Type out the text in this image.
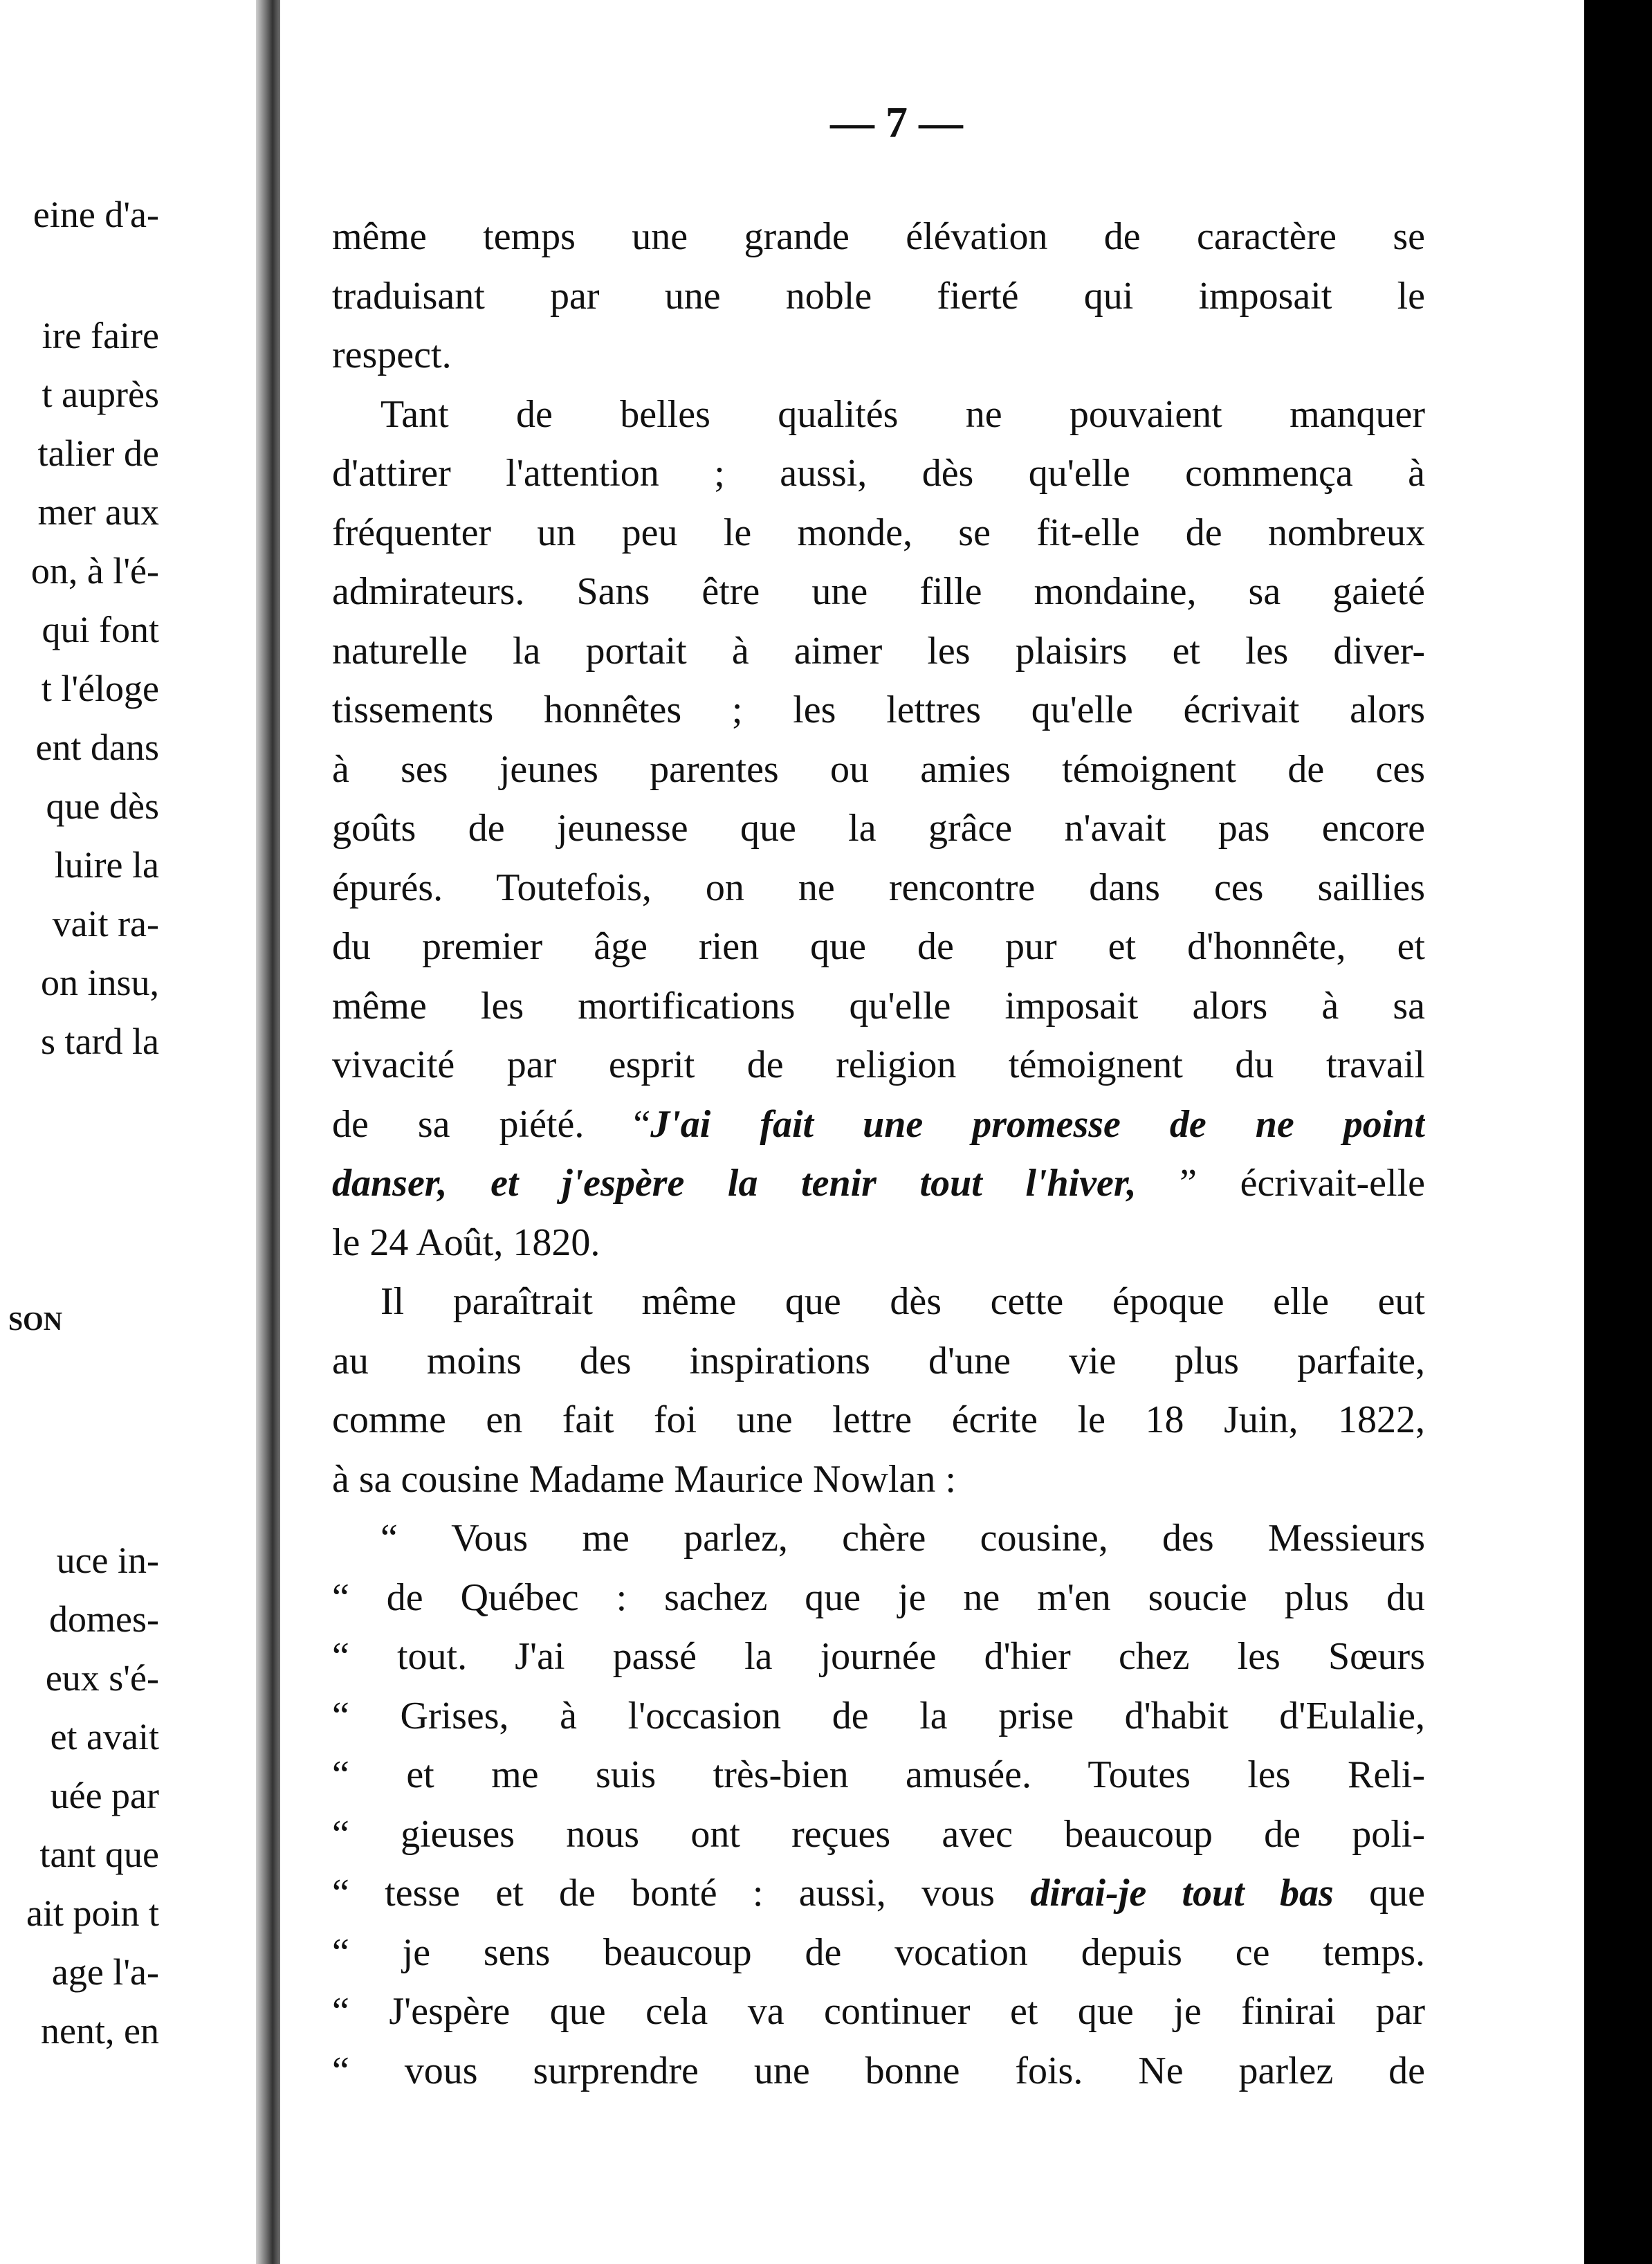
eine d'a-
ire faire
t auprès
talier de
mer aux
on, à l'é-
qui font
t l'éloge
ent dans
que dès
luire la
vait ra-
on insu,
s tard la
SON
uce in-
domes-
eux s'é-
et avait
uée par
tant que
ait poin t
age l'a-
nent, en
— 7 —
même temps une grande élévation de caractère se
traduisant par une noble fierté qui imposait le
respect.
Tant de belles qualités ne pouvaient manquer
d'attirer l'attention ; aussi, dès qu'elle commença à
fréquenter un peu le monde, se fit-elle de nombreux
admirateurs. Sans être une fille mondaine, sa gaieté
naturelle la portait à aimer les plaisirs et les diver-
tissements honnêtes ; les lettres qu'elle écrivait alors
à ses jeunes parentes ou amies témoignent de ces
goûts de jeunesse que la grâce n'avait pas encore
épurés. Toutefois, on ne rencontre dans ces saillies
du premier âge rien que de pur et d'honnête, et
même les mortifications qu'elle imposait alors à sa
vivacité par esprit de religion témoignent du travail
de sa piété. “J'ai fait une promesse de ne point
danser, et j'espère la tenir tout l'hiver, ” écrivait-elle
le 24 Août, 1820.
Il paraîtrait même que dès cette époque elle eut
au moins des inspirations d'une vie plus parfaite,
comme en fait foi une lettre écrite le 18 Juin, 1822,
à sa cousine Madame Maurice Nowlan :
“ Vous me parlez, chère cousine, des Messieurs
“ de Québec : sachez que je ne m'en soucie plus du
“ tout. J'ai passé la journée d'hier chez les Sœurs
“ Grises, à l'occasion de la prise d'habit d'Eulalie,
“ et me suis très-bien amusée. Toutes les Reli-
“ gieuses nous ont reçues avec beaucoup de poli-
“ tesse et de bonté : aussi, vous dirai-je tout bas que
“ je sens beaucoup de vocation depuis ce temps.
“ J'espère que cela va continuer et que je finirai par
“ vous surprendre une bonne fois. Ne parlez de
